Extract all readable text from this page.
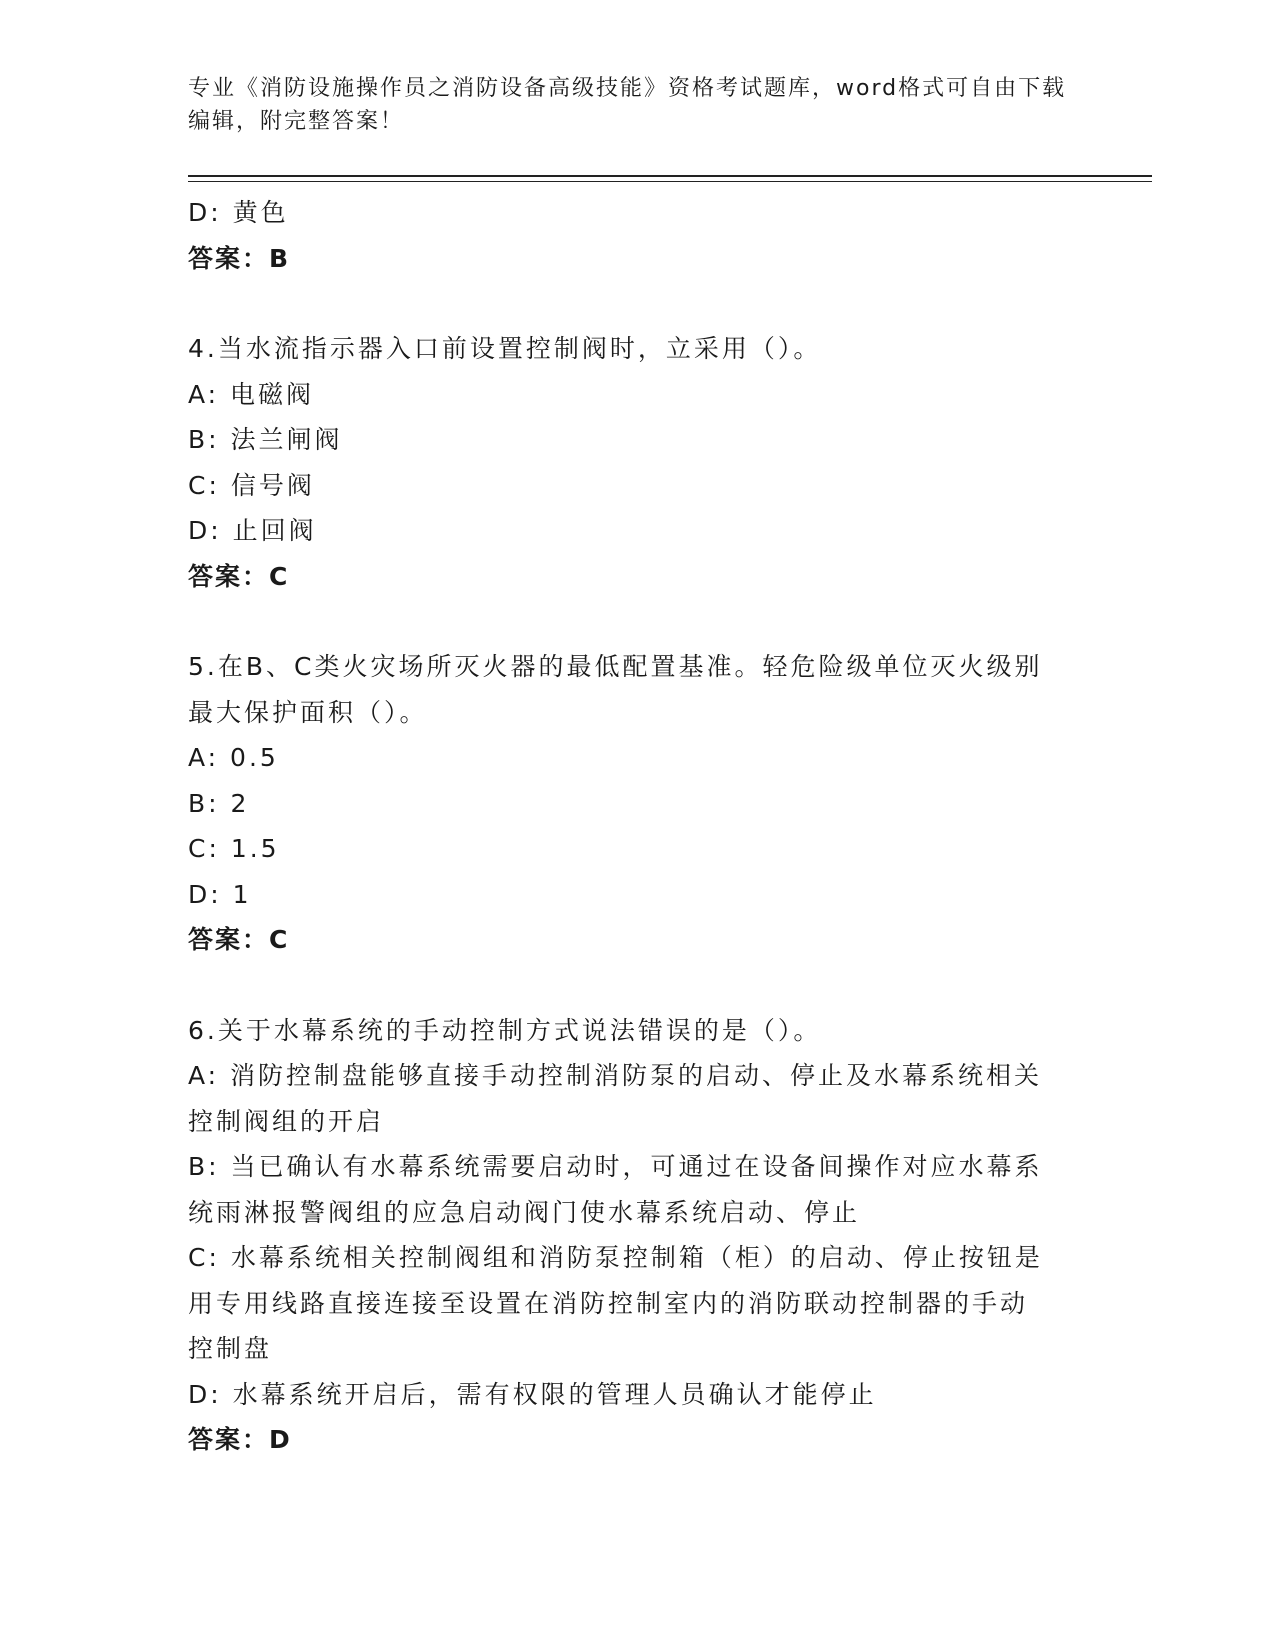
专业《消防设施操作员之消防设备高级技能》资格考试题库，word格式可自由下载编辑，附完整答案！
D: 黄色
答案：B
4.当水流指示器入口前设置控制阀时，立采用（）。
A: 电磁阀
B: 法兰闸阀
C: 信号阀
D: 止回阀
答案：C
5.在B、C类火灾场所灭火器的最低配置基准。轻危险级单位灭火级别
最大保护面积（）。
A: 0.5
B: 2
C: 1.5
D: 1
答案：C
6.关于水幕系统的手动控制方式说法错误的是（）。
A: 消防控制盘能够直接手动控制消防泵的启动、停止及水幕系统相关
控制阀组的开启
B: 当已确认有水幕系统需要启动时，可通过在设备间操作对应水幕系
统雨淋报警阀组的应急启动阀门使水幕系统启动、停止
C: 水幕系统相关控制阀组和消防泵控制箱（柜）的启动、停止按钮是
用专用线路直接连接至设置在消防控制室内的消防联动控制器的手动
控制盘
D: 水幕系统开启后，需有权限的管理人员确认才能停止
答案：D
